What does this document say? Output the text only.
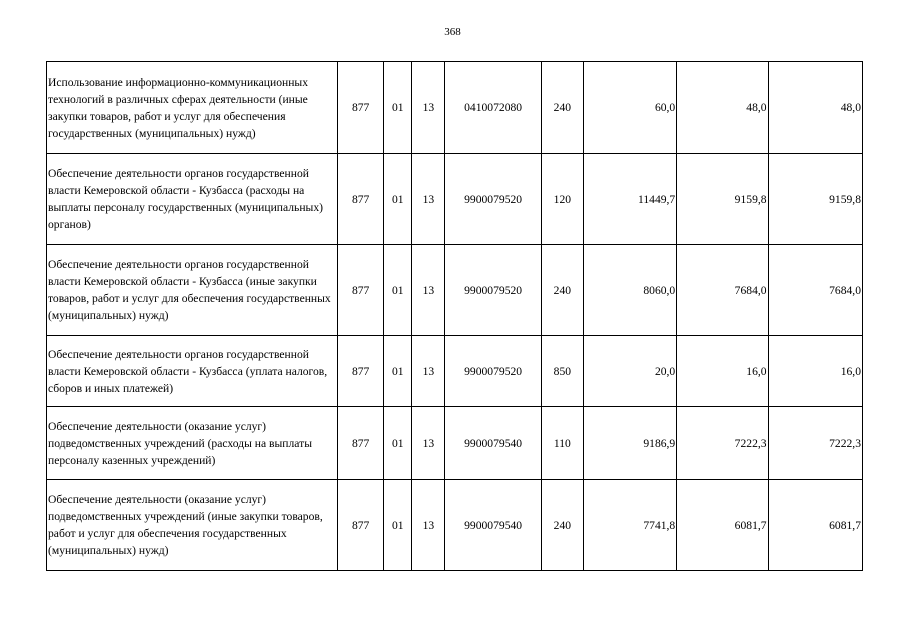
368
Использование информационно-коммуникационных технологий в различных сферах деятельности (иные закупки товаров, работ и услуг для обеспечения государственных (муниципальных) нужд)	877	01	13	0410072080	240	60,0	48,0	48,0

Обеспечение деятельности органов государственной власти Кемеровской области - Кузбасса (расходы на выплаты персоналу государственных (муниципальных) органов)	877	01	13	9900079520	120	11449,7	9159,8	9159,8

Обеспечение деятельности органов государственной власти Кемеровской области - Кузбасса (иные закупки товаров, работ и услуг для обеспечения государственных (муниципальных) нужд)	877	01	13	9900079520	240	8060,0	7684,0	7684,0

Обеспечение деятельности органов государственной власти Кемеровской области - Кузбасса (уплата налогов, сборов и иных платежей)	877	01	13	9900079520	850	20,0	16,0	16,0

Обеспечение деятельности (оказание услуг) подведомственных учреждений (расходы на выплаты персоналу казенных учреждений)	877	01	13	9900079540	110	9186,9	7222,3	7222,3

Обеспечение деятельности (оказание услуг) подведомственных учреждений (иные закупки товаров, работ и услуг для обеспечения государственных (муниципальных) нужд)	877	01	13	9900079540	240	7741,8	6081,7	6081,7
